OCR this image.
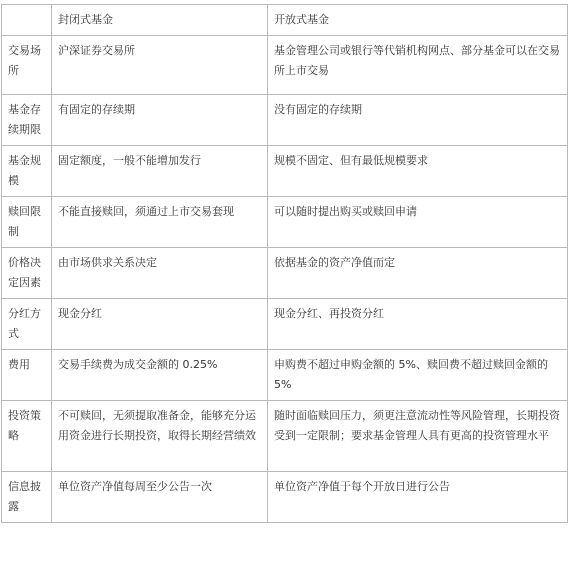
	封闭式基金	开放式基金
交易场所	沪深证券交易所	基金管理公司或银行等代销机构网点、部分基金可以在交易所上市交易
基金存续期限	有固定的存续期	没有固定的存续期
基金规模	固定额度，一般不能增加发行	规模不固定、但有最低规模要求
赎回限制	不能直接赎回，须通过上市交易套现	可以随时提出购买或赎回申请
价格决定因素	由市场供求关系决定	依据基金的资产净值而定
分红方式	现金分红	现金分红、再投资分红
费用	交易手续费为成交金额的 0.25%	申购费不超过申购金额的 5%、赎回费不超过赎回金额的 5%
投资策略	不可赎回，无须提取准备金，能够充分运用资金进行长期投资，取得长期经营绩效	随时面临赎回压力，须更注意流动性等风险管理，长期投资受到一定限制；要求基金管理人具有更高的投资管理水平
信息披露	单位资产净值每周至少公告一次	单位资产净值于每个开放日进行公告
